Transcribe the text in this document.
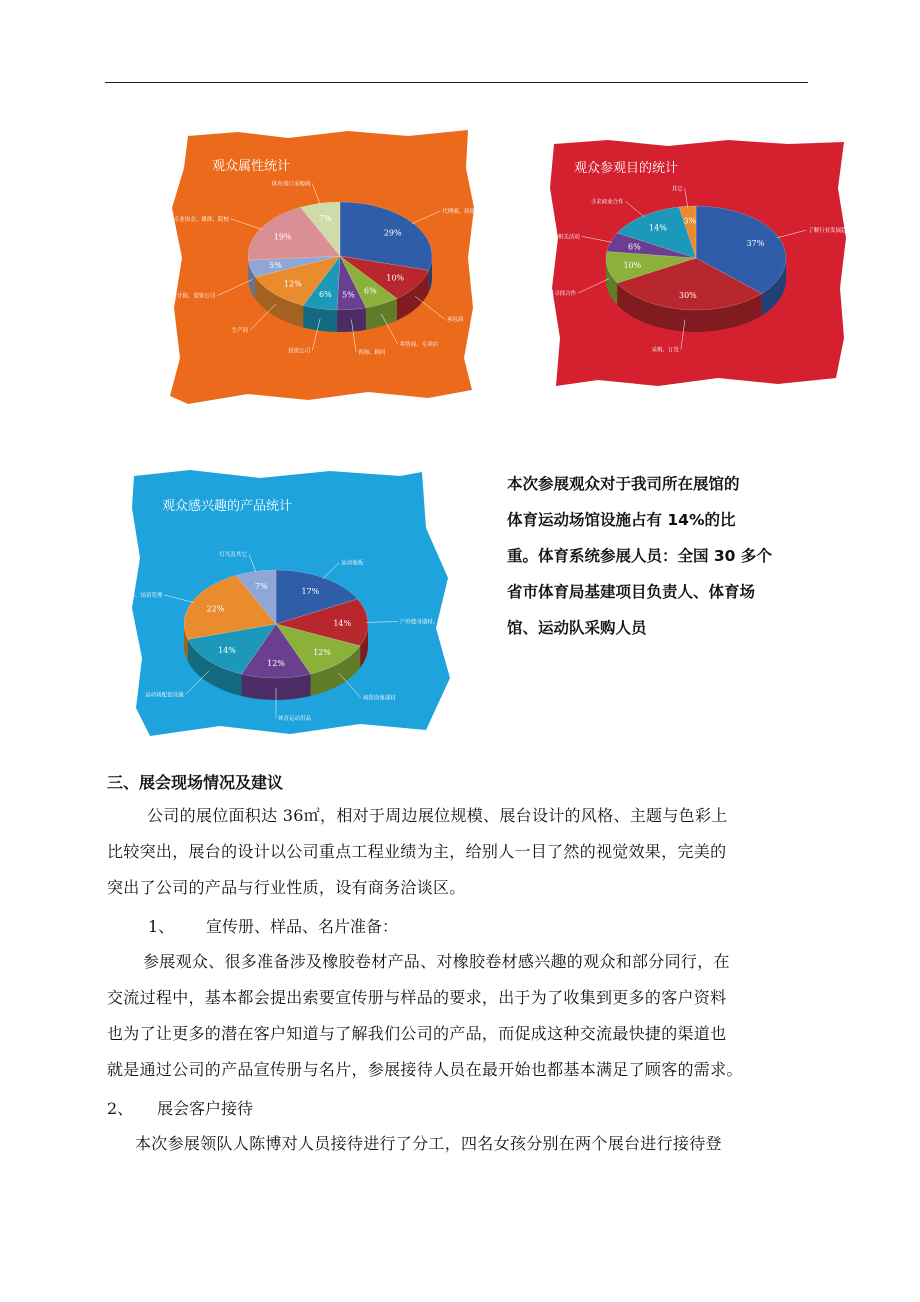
观众属性统计
29%
代理商、经销商
10%
承包商
6%
零售商、专卖店
5%
咨询、顾问
6%
投资公司
12%
生产商
5%
设计院、装饰公司
19%
政府体育部门、专业协会、媒体、院校	7%
体育部门采购商
观众参观目的统计
37%
了解行业发展趋势
30%
采购、订货
10%
收集信息寻找合作
6%
出席商务相关活动
14%
寻求商业合作
3%
其它
观众感兴趣的产品统计
17%
运动地板
14%	户外健身器材、跑道、运动场材料
12%
场馆设备器材
12%
体育运动用品
14%
运动场配套设施
22%
建筑材料、场馆管理
7%
灯光及其它

本次参展观众对于我司所在展馆的

体育运动场馆设施占有 14%的比

重。体育系统参展人员：全国 30 多个

省市体育局基建项目负责人、体育场

馆、运动队采购人员

三、展会现场情况及建议

公司的展位面积达 36㎡，相对于周边展位规模、展台设计的风格、主题与色彩上

比较突出，展台的设计以公司重点工程业绩为主，给别人一目了然的视觉效果，完美的

突出了公司的产品与行业性质，设有商务洽谈区。

1、 宣传册、样品、名片准备：

参展观众、很多准备涉及橡胶卷材产品、对橡胶卷材感兴趣的观众和部分同行，在

交流过程中，基本都会提出索要宣传册与样品的要求，出于为了收集到更多的客户资料

也为了让更多的潜在客户知道与了解我们公司的产品，而促成这种交流最快捷的渠道也

就是通过公司的产品宣传册与名片，参展接待人员在最开始也都基本满足了顾客的需求。

2、 展会客户接待

本次参展领队人陈博对人员接待进行了分工，四名女孩分别在两个展台进行接待登
